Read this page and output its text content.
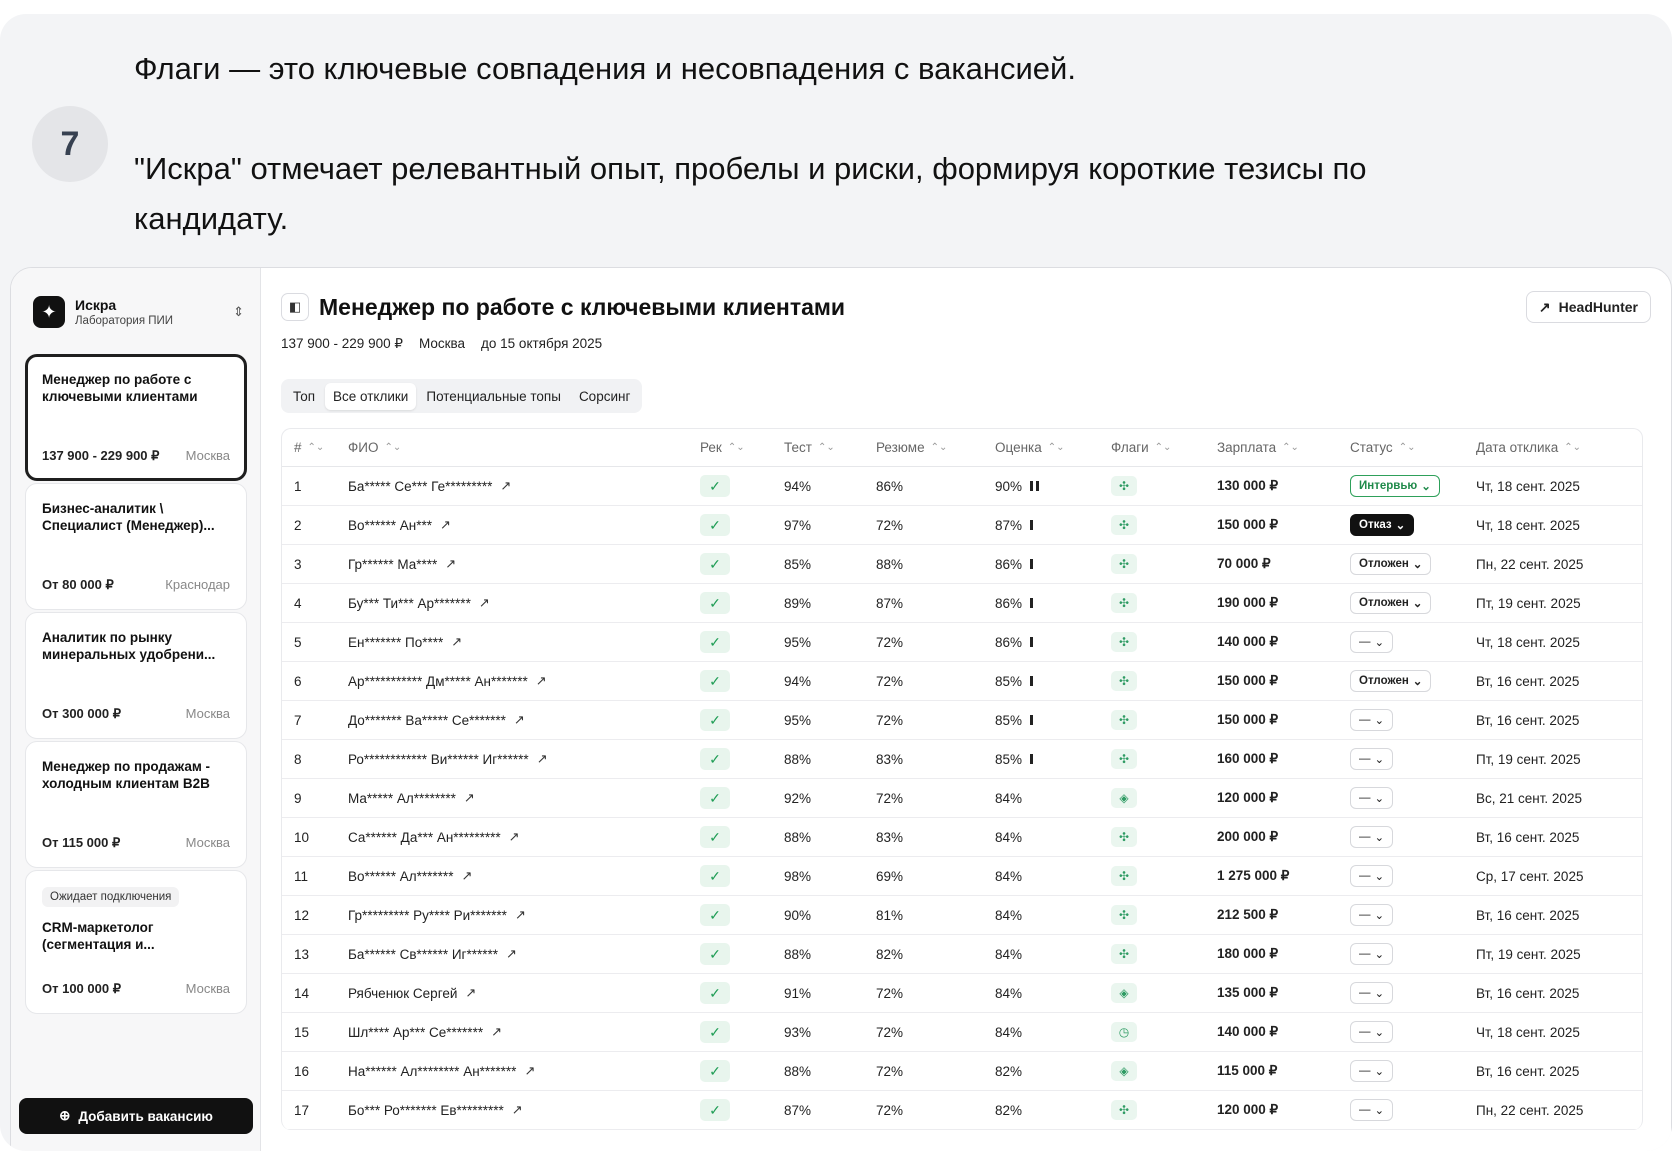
7
Флаги — это ключевые совпадения и несовпадения с вакансией.
"Искра" отмечает релевантный опыт, пробелы и риски, формируя короткие тезисы по кандидату.
✦	Искра
Лаборатория ПИИ
⇕
Менеджер по работе с ключевыми клиентами
137 900 - 229 900 ₽ Москва
Бизнес-аналитик \ Специалист (Менеджер)...
От 80 000 ₽	Краснодар
Аналитик по рынку минеральных удобрени...
От 300 000 ₽	Москва
Менеджер по продажам - холодным клиентам B2B
От 115 000 ₽	Москва
Ожидает подключения
CRM-маркетолог (сегментация и...
От 100 000 ₽	Москва
⊕ Добавить вакансию
◧ Менеджер по работе с ключевыми клиентами	↗ HeadHunter
137 900 - 229 900 ₽ Москва до 15 октября 2025
Топ	Все отклики	Потенциальные топы	Сорсинг
# ⌃⌄ ФИО ⌃⌄	Рек ⌃⌄	Тест ⌃⌄	Резюме ⌃⌄	Оценка ⌃⌄	Флаги ⌃⌄	Зарплата ⌃⌄	Статус ⌃⌄	Дата отклика ⌃⌄
1	Ба***** Се*** Ге********* ↗	✓	94%	86%	90%	✣	130 000 ₽	Интервью ⌄	Чт, 18 сент. 2025
2	Во****** Ан*** ↗	✓	97%	72%	87%	✣	150 000 ₽	Отказ ⌄	Чт, 18 сент. 2025
3	Гр****** Ма**** ↗	✓	85%	88%	86%	✣	70 000 ₽	Отложен ⌄	Пн, 22 сент. 2025
4	Бу*** Ти*** Ар******* ↗	✓	89%	87%	86%	✣	190 000 ₽	Отложен ⌄	Пт, 19 сент. 2025
5	Ен******* По**** ↗	✓	95%	72%	86%	✣	140 000 ₽	— ⌄	Чт, 18 сент. 2025
6	Ар*********** Дм***** Ан******* ↗	✓	94%	72%	85%	✣	150 000 ₽	Отложен ⌄	Вт, 16 сент. 2025
7	До******* Ва***** Се******* ↗	✓	95%	72%	85%	✣	150 000 ₽	— ⌄	Вт, 16 сент. 2025
8	Ро************ Ви****** Иг****** ↗	✓	88%	83%	85%	✣	160 000 ₽	— ⌄	Пт, 19 сент. 2025
9	Ма***** Ал******** ↗	✓	92%	72%	84%	◈	120 000 ₽	— ⌄	Вс, 21 сент. 2025
10	Са****** Да*** Ан********* ↗	✓	88%	83%	84%	✣	200 000 ₽	— ⌄	Вт, 16 сент. 2025
11	Во****** Ал******* ↗	✓	98%	69%	84%	✣	1 275 000 ₽	— ⌄	Ср, 17 сент. 2025
12	Гр********* Ру**** Ри******* ↗	✓	90%	81%	84%	✣	212 500 ₽	— ⌄	Вт, 16 сент. 2025
13	Ба****** Св****** Иг****** ↗	✓	88%	82%	84%	✣	180 000 ₽	— ⌄	Пт, 19 сент. 2025
14	Рябченюк Сергей ↗	✓	91%	72%	84%	◈	135 000 ₽	— ⌄	Вт, 16 сент. 2025
15	Шл**** Ар*** Се******* ↗	✓	93%	72%	84%	◷	140 000 ₽	— ⌄	Чт, 18 сент. 2025
16	На****** Ал******** Ан******* ↗	✓	88%	72%	82%	◈	115 000 ₽	— ⌄	Вт, 16 сент. 2025
17	Бо*** Ро******* Ев********* ↗	✓	87%	72%	82%	✣	120 000 ₽	— ⌄	Пн, 22 сент. 2025
